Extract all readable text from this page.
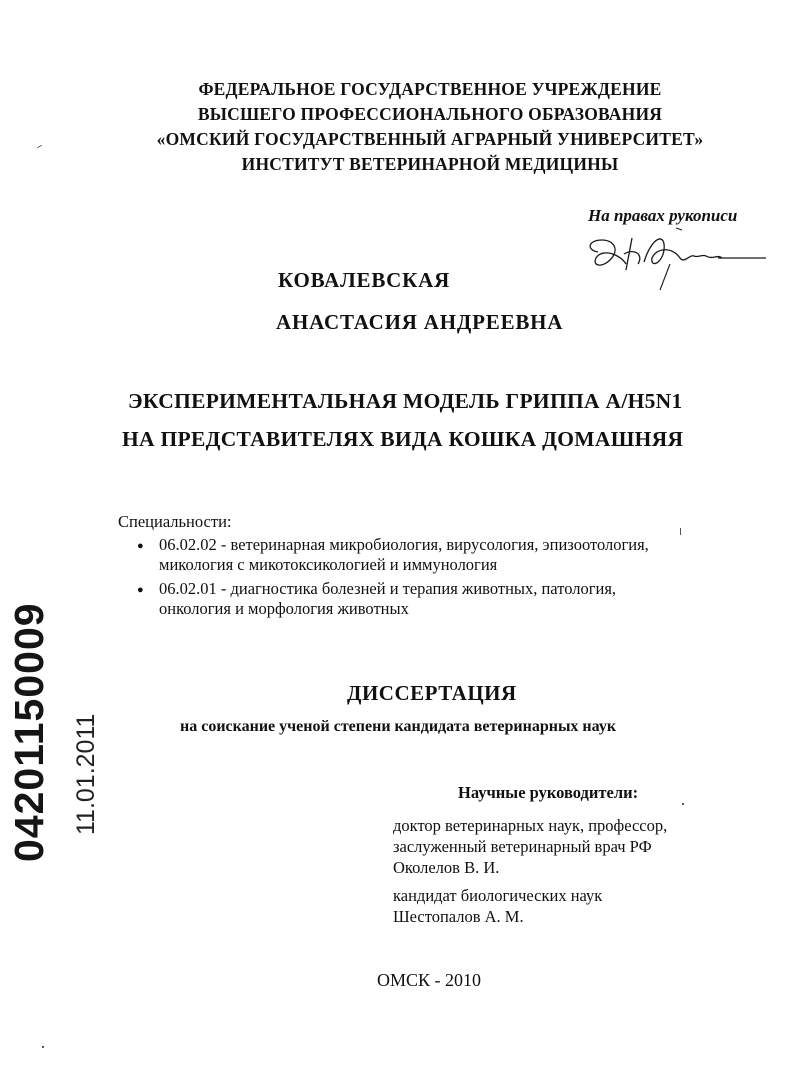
ФЕДЕРАЛЬНОЕ ГОСУДАРСТВЕННОЕ УЧРЕЖДЕНИЕ
ВЫСШЕГО ПРОФЕССИОНАЛЬНОГО ОБРАЗОВАНИЯ
«ОМСКИЙ ГОСУДАРСТВЕННЫЙ АГРАРНЫЙ УНИВЕРСИТЕТ»
ИНСТИТУТ ВЕТЕРИНАРНОЙ МЕДИЦИНЫ
На правах рукописи
КОВАЛЕВСКАЯ
АНАСТАСИЯ АНДРЕЕВНА
ЭКСПЕРИМЕНТАЛЬНАЯ МОДЕЛЬ ГРИППА A/H5N1
НА ПРЕДСТАВИТЕЛЯХ ВИДА КОШКА ДОМАШНЯЯ
Специальности:
● 06.02.02 - ветеринарная микробиология, вирусология, эпизоотология,
микология с микотоксикологией и иммунология
● 06.02.01 - диагностика болезней и терапия животных, патология,
онкология и морфология животных
ДИССЕРТАЦИЯ
на соискание ученой степени кандидата ветеринарных наук
Научные руководители:
доктор ветеринарных наук, профессор,
заслуженный ветеринарный врач РФ
Околелов В. И.
кандидат биологических наук
Шестопалов А. М.
ОМСК - 2010
04201150009 11.01.2011
